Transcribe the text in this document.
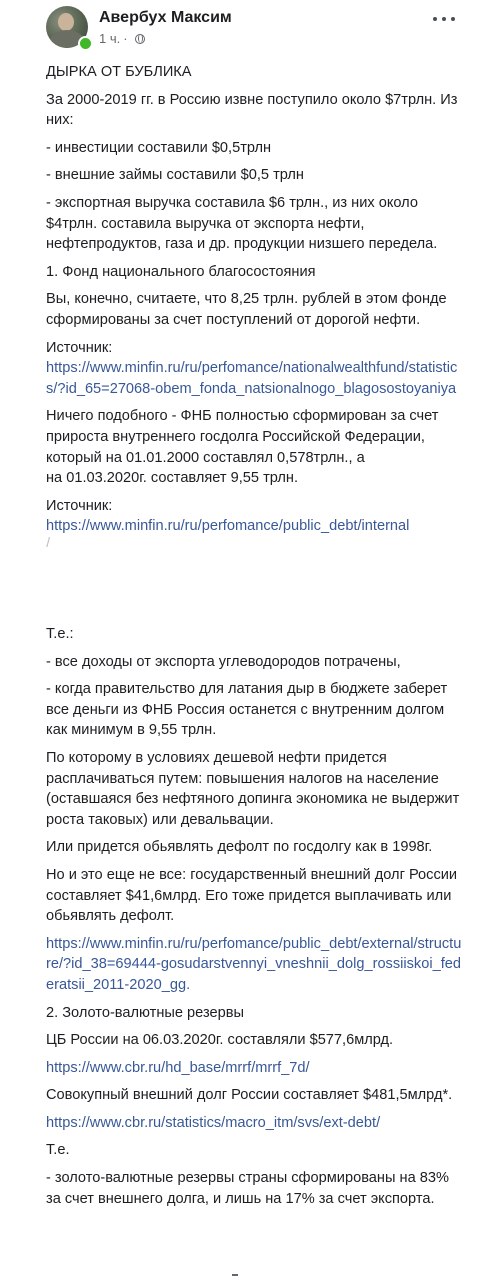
Авербух Максим
1 ч. ·

ДЫРКА ОТ БУБЛИКА

За 2000-2019 гг. в Россию извне поступило около $7трлн. Из них:

- инвестиции составили $0,5трлн

- внешние займы составили $0,5 трлн

- экспортная выручка составила $6 трлн., из них около $4трлн. составила выручка от экспорта нефти, нефтепродуктов, газа и др. продукции низшего передела.

1. Фонд национального благосостояния

Вы, конечно, считаете, что 8,25 трлн. рублей в этом фонде сформированы за счет поступлений от дорогой нефти.

Источник:

https://www.minfin.ru/ru/perfomance/nationalwealthfund/statistics/?id_65=27068-obem_fonda_natsionalnogo_blagosostoyaniya

Ничего подобного - ФНБ полностью сформирован за счет прироста внутреннего госдолга Российской Федерации, который на 01.01.2000 составлял 0,578трлн., а

на 01.03.2020г. составляет 9,55 трлн.

Источник:

https://www.minfin.ru/ru/perfomance/public_debt/internal

/

Т.е.:

- все доходы от экспорта углеводородов потрачены,

- когда правительство для латания дыр в бюджете заберет все деньги из ФНБ Россия останется с внутренним долгом как минимум в 9,55 трлн.

По которому в условиях дешевой нефти придется расплачиваться путем: повышения налогов на население (оставшаяся без нефтяного допинга экономика не выдержит роста таковых) или девальвации.

Или придется обьявлять дефолт по госдолгу как в 1998г.

Но и это еще не все: государственный внешний долг России составляет $41,6млрд. Его тоже придется выплачивать или обьявлять дефолт.

https://www.minfin.ru/ru/perfomance/public_debt/external/structure/?id_38=69444-gosudarstvennyi_vneshnii_dolg_rossiiskoi_federatsii_2011-2020_gg.

2. Золото-валютные резервы

ЦБ России на 06.03.2020г. составляли $577,6млрд.

https://www.cbr.ru/hd_base/mrrf/mrrf_7d/

Совокупный внешний долг России составляет $481,5млрд*.

https://www.cbr.ru/statistics/macro_itm/svs/ext-debt/

Т.е.

- золото-валютные резервы страны сформированы на 83% за счет внешнего долга, и лишь на 17% за счет экспорта.
